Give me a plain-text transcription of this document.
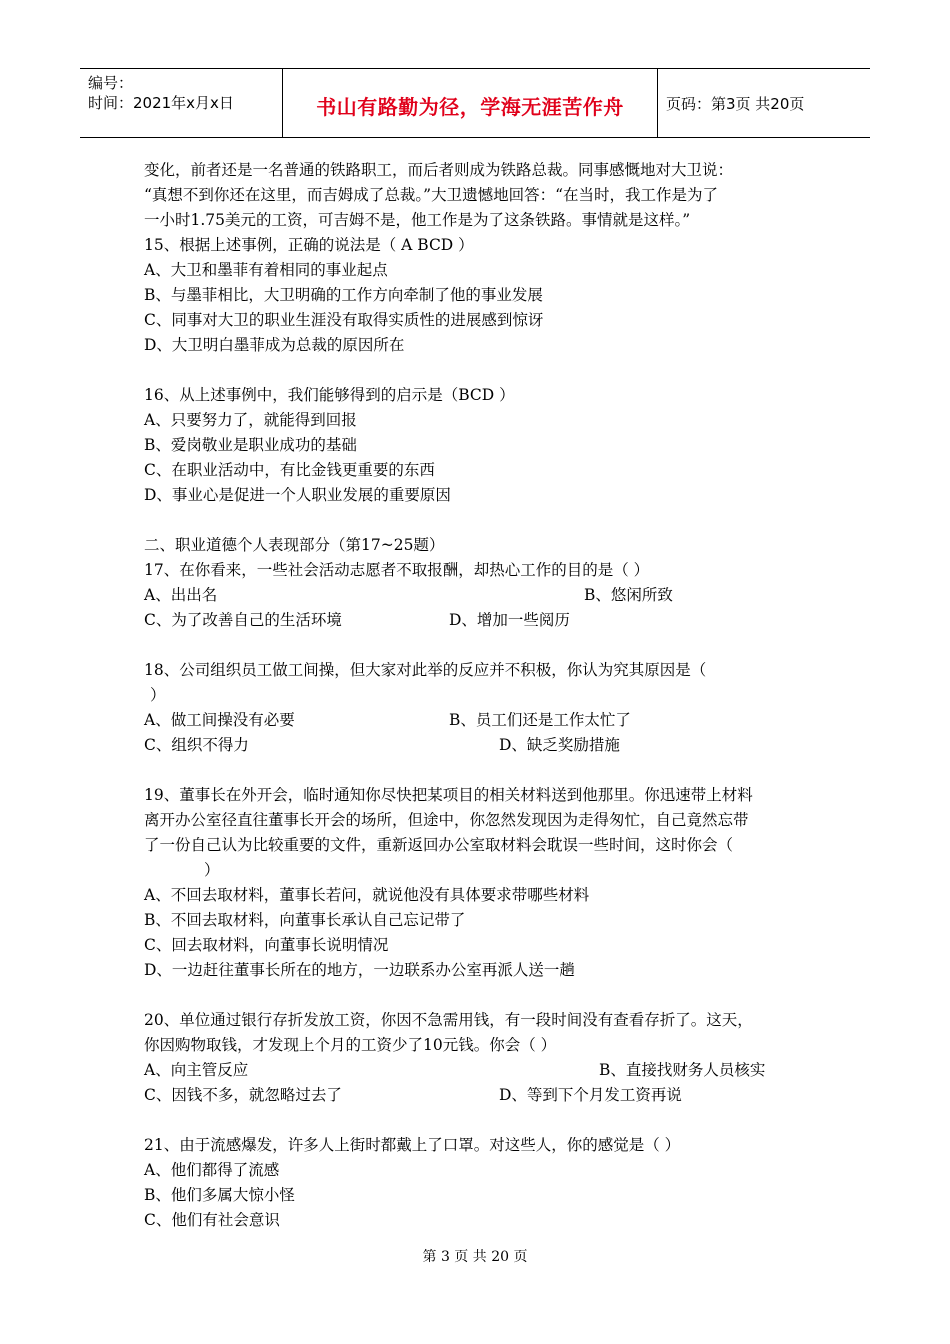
编号：
时间：2021年x月x日	书山有路勤为径，学海无涯苦作舟	页码：第3页 共20页

变化，前者还是一名普通的铁路职工，而后者则成为铁路总裁。同事感慨地对大卫说：

“真想不到你还在这里，而吉姆成了总裁。”大卫遗憾地回答：“在当时，我工作是为了

一小时1.75美元的工资，可吉姆不是，他工作是为了这条铁路。事情就是这样。”

15、根据上述事例，正确的说法是（ A BCD ）

A、大卫和墨菲有着相同的事业起点

B、与墨菲相比，大卫明确的工作方向牵制了他的事业发展

C、同事对大卫的职业生涯没有取得实质性的进展感到惊讶

D、大卫明白墨菲成为总裁的原因所在

16、从上述事例中，我们能够得到的启示是（BCD ）

A、只要努力了，就能得到回报

B、爱岗敬业是职业成功的基础

C、在职业活动中，有比金钱更重要的东西

D、事业心是促进一个人职业发展的重要原因

二、职业道德个人表现部分（第17~25题）

17、在你看来，一些社会活动志愿者不取报酬，却热心工作的目的是（ ）

A、出出名	B、悠闲所致
C、为了改善自己的生活环境	D、增加一些阅历

18、公司组织员工做工间操，但大家对此举的反应并不积极，你认为究其原因是（

）

A、做工间操没有必要	B、员工们还是工作太忙了
C、组织不得力	D、缺乏奖励措施

19、董事长在外开会，临时通知你尽快把某项目的相关材料送到他那里。你迅速带上材料

离开办公室径直往董事长开会的场所，但途中，你忽然发现因为走得匆忙，自己竟然忘带

了一份自己认为比较重要的文件，重新返回办公室取材料会耽误一些时间，这时你会（

）

A、不回去取材料，董事长若问，就说他没有具体要求带哪些材料

B、不回去取材料，向董事长承认自己忘记带了

C、回去取材料，向董事长说明情况

D、一边赶往董事长所在的地方，一边联系办公室再派人送一趟

20、单位通过银行存折发放工资，你因不急需用钱，有一段时间没有查看存折了。这天，

你因购物取钱，才发现上个月的工资少了10元钱。你会（ ）

A、向主管反应	B、直接找财务人员核实
C、因钱不多，就忽略过去了	D、等到下个月发工资再说

21、由于流感爆发，许多人上街时都戴上了口罩。对这些人，你的感觉是（ ）

A、他们都得了流感

B、他们多属大惊小怪

C、他们有社会意识

第 3 页 共 20 页
